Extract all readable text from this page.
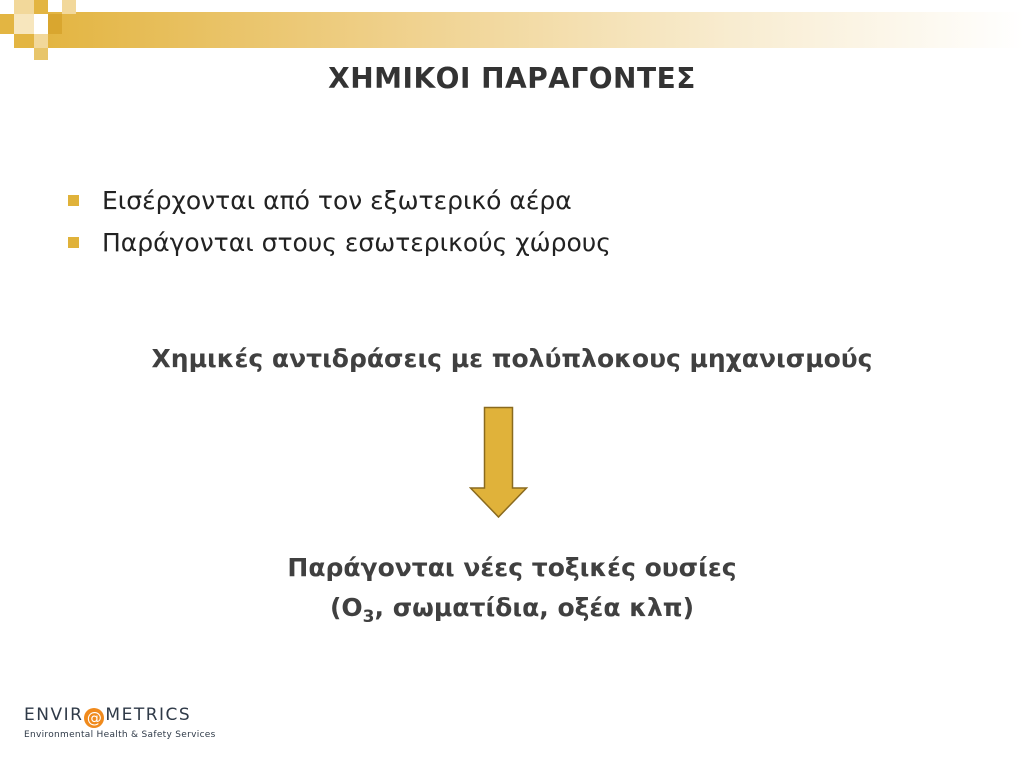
ΧΗΜΙΚΟΙ ΠΑΡΑΓΟΝΤΕΣ
Εισέρχονται από τον εξωτερικό αέρα
Παράγονται στους εσωτερικούς χώρους
Χημικές αντιδράσεις με πολύπλοκους μηχανισμούς
Παράγονται νέες τοξικές ουσίες
($O_3$, σωματίδια, οξέα κλπ)
ENVIR @ METRICS
Environmental Health & Safety Services
